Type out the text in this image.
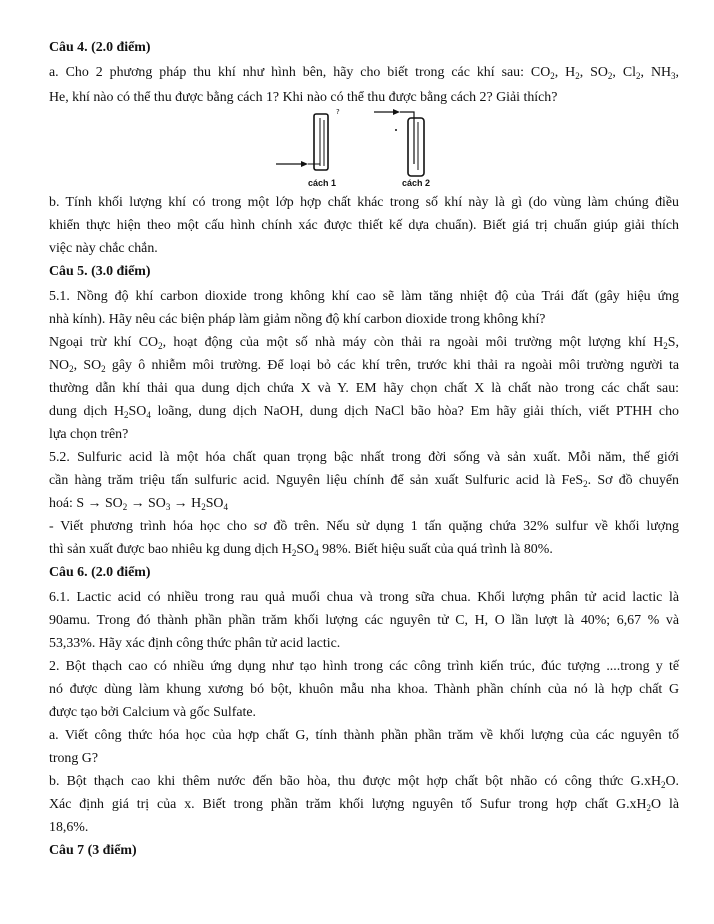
Câu 4. (2.0 điểm)
a. Cho 2 phương pháp thu khí như hình bên, hãy cho biết trong các khí sau: $CO_2$, $H_2$, $SO_2$, $Cl_2$, $NH_3$,
He, khí nào có thể thu được bằng cách 1? Khi nào có thể thu được bằng cách 2? Giải thích?
?
cách 1	cách 2
b. Tính khối lượng khí có trong một lớp hợp chất khác trong số khí này là gì (do vùng làm chúng điều
khiển thực hiện theo một cấu hình chính xác được thiết kế dựa chuẩn). Biết giá trị chuẩn giúp giải thích
việc này chắc chắn.
Câu 5. (3.0 điểm)
5.1. Nồng độ khí carbon dioxide trong không khí cao sẽ làm tăng nhiệt độ của Trái đất (gây hiệu ứng
nhà kính). Hãy nêu các biện pháp làm giảm nồng độ khí carbon dioxide trong không khí?
Ngoại trừ khí $CO_2$, hoạt động của một số nhà máy còn thải ra ngoài môi trường một lượng khí $H_2S$,
$NO_2$, $SO_2$ gây ô nhiễm môi trường. Để loại bỏ các khí trên, trước khi thải ra ngoài môi trường người ta
thường dẫn khí thải qua dung dịch chứa X và Y. EM hãy chọn chất X là chất nào trong các chất sau:
dung dịch $H_2SO_4$ loãng, dung dịch NaOH, dung dịch NaCl bão hòa? Em hãy giải thích, viết PTHH cho
lựa chọn trên?
5.2. Sulfuric acid là một hóa chất quan trọng bậc nhất trong đời sống và sản xuất. Mỗi năm, thế giới
cần hàng trăm triệu tấn sulfuric acid. Nguyên liệu chính để sản xuất Sulfuric acid là FeS$_2$. Sơ đồ chuyển
hoá: $S \to SO_2 \to SO_3 \to H_2SO_4$
- Viết phương trình hóa học cho sơ đồ trên. Nếu sử dụng 1 tấn quặng chứa 32% sulfur về khối lượng
thì sản xuất được bao nhiêu kg dung dịch $H_2SO_4$ 98%. Biết hiệu suất của quá trình là 80%.
Câu 6. (2.0 điểm)
6.1. Lactic acid có nhiều trong rau quả muối chua và trong sữa chua. Khối lượng phân tử acid lactic là
90amu. Trong đó thành phần phần trăm khối lượng các nguyên tử C, H, O lần lượt là 40%; 6,67 % và
53,33%. Hãy xác định công thức phân tử acid lactic.
2. Bột thạch cao có nhiều ứng dụng như tạo hình trong các công trình kiến trúc, đúc tượng ....trong y tế
nó được dùng làm khung xương bó bột, khuôn mẫu nha khoa. Thành phần chính của nó là hợp chất G
được tạo bởi Calcium và gốc Sulfate.
a. Viết công thức hóa học của hợp chất G, tính thành phần phần trăm về khối lượng của các nguyên tố
trong G?
b. Bột thạch cao khi thêm nước đến bão hòa, thu được một hợp chất bột nhão có công thức $G.xH_2O$.
Xác định giá trị của x. Biết trong phần trăm khối lượng nguyên tố Sufur trong hợp chất $G.xH_2O$ là
18,6%.
Câu 7 (3 điểm)
